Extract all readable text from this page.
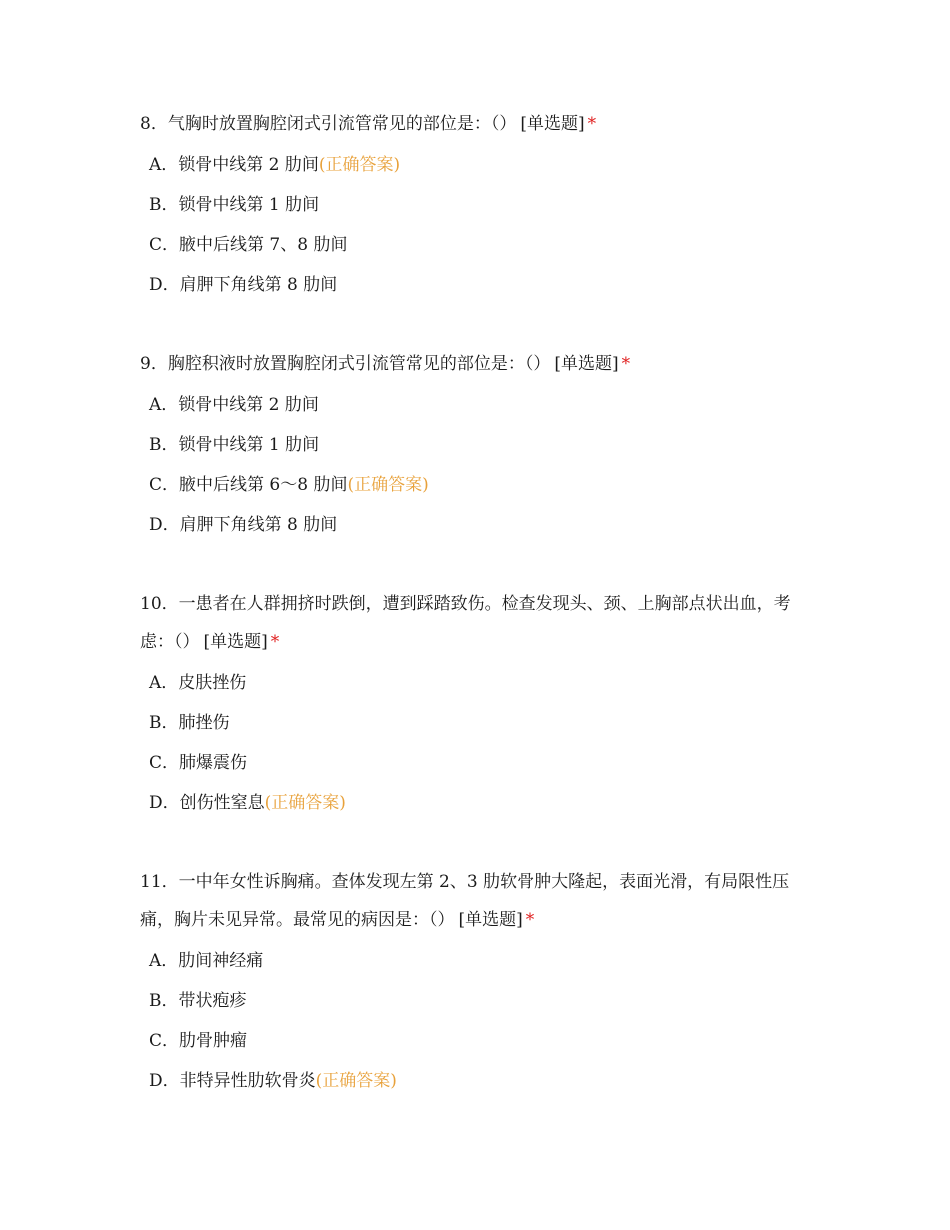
8．气胸时放置胸腔闭式引流管常见的部位是：（） [单选题] *
A．锁骨中线第 2 肋间(正确答案)
B．锁骨中线第 1 肋间
C．腋中后线第 7、8 肋间
D．肩胛下角线第 8 肋间
9．胸腔积液时放置胸腔闭式引流管常见的部位是：（） [单选题] *
A．锁骨中线第 2 肋间
B．锁骨中线第 1 肋间
C．腋中后线第 6～8 肋间(正确答案)
D．肩胛下角线第 8 肋间
10．一患者在人群拥挤时跌倒，遭到踩踏致伤。检查发现头、颈、上胸部点状出血，考虑：（） [单选题] *
A．皮肤挫伤
B．肺挫伤
C．肺爆震伤
D．创伤性窒息(正确答案)
11．一中年女性诉胸痛。查体发现左第 2、3 肋软骨肿大隆起，表面光滑，有局限性压痛，胸片未见异常。最常见的病因是：（） [单选题] *
A．肋间神经痛
B．带状疱疹
C．肋骨肿瘤
D．非特异性肋软骨炎(正确答案)
